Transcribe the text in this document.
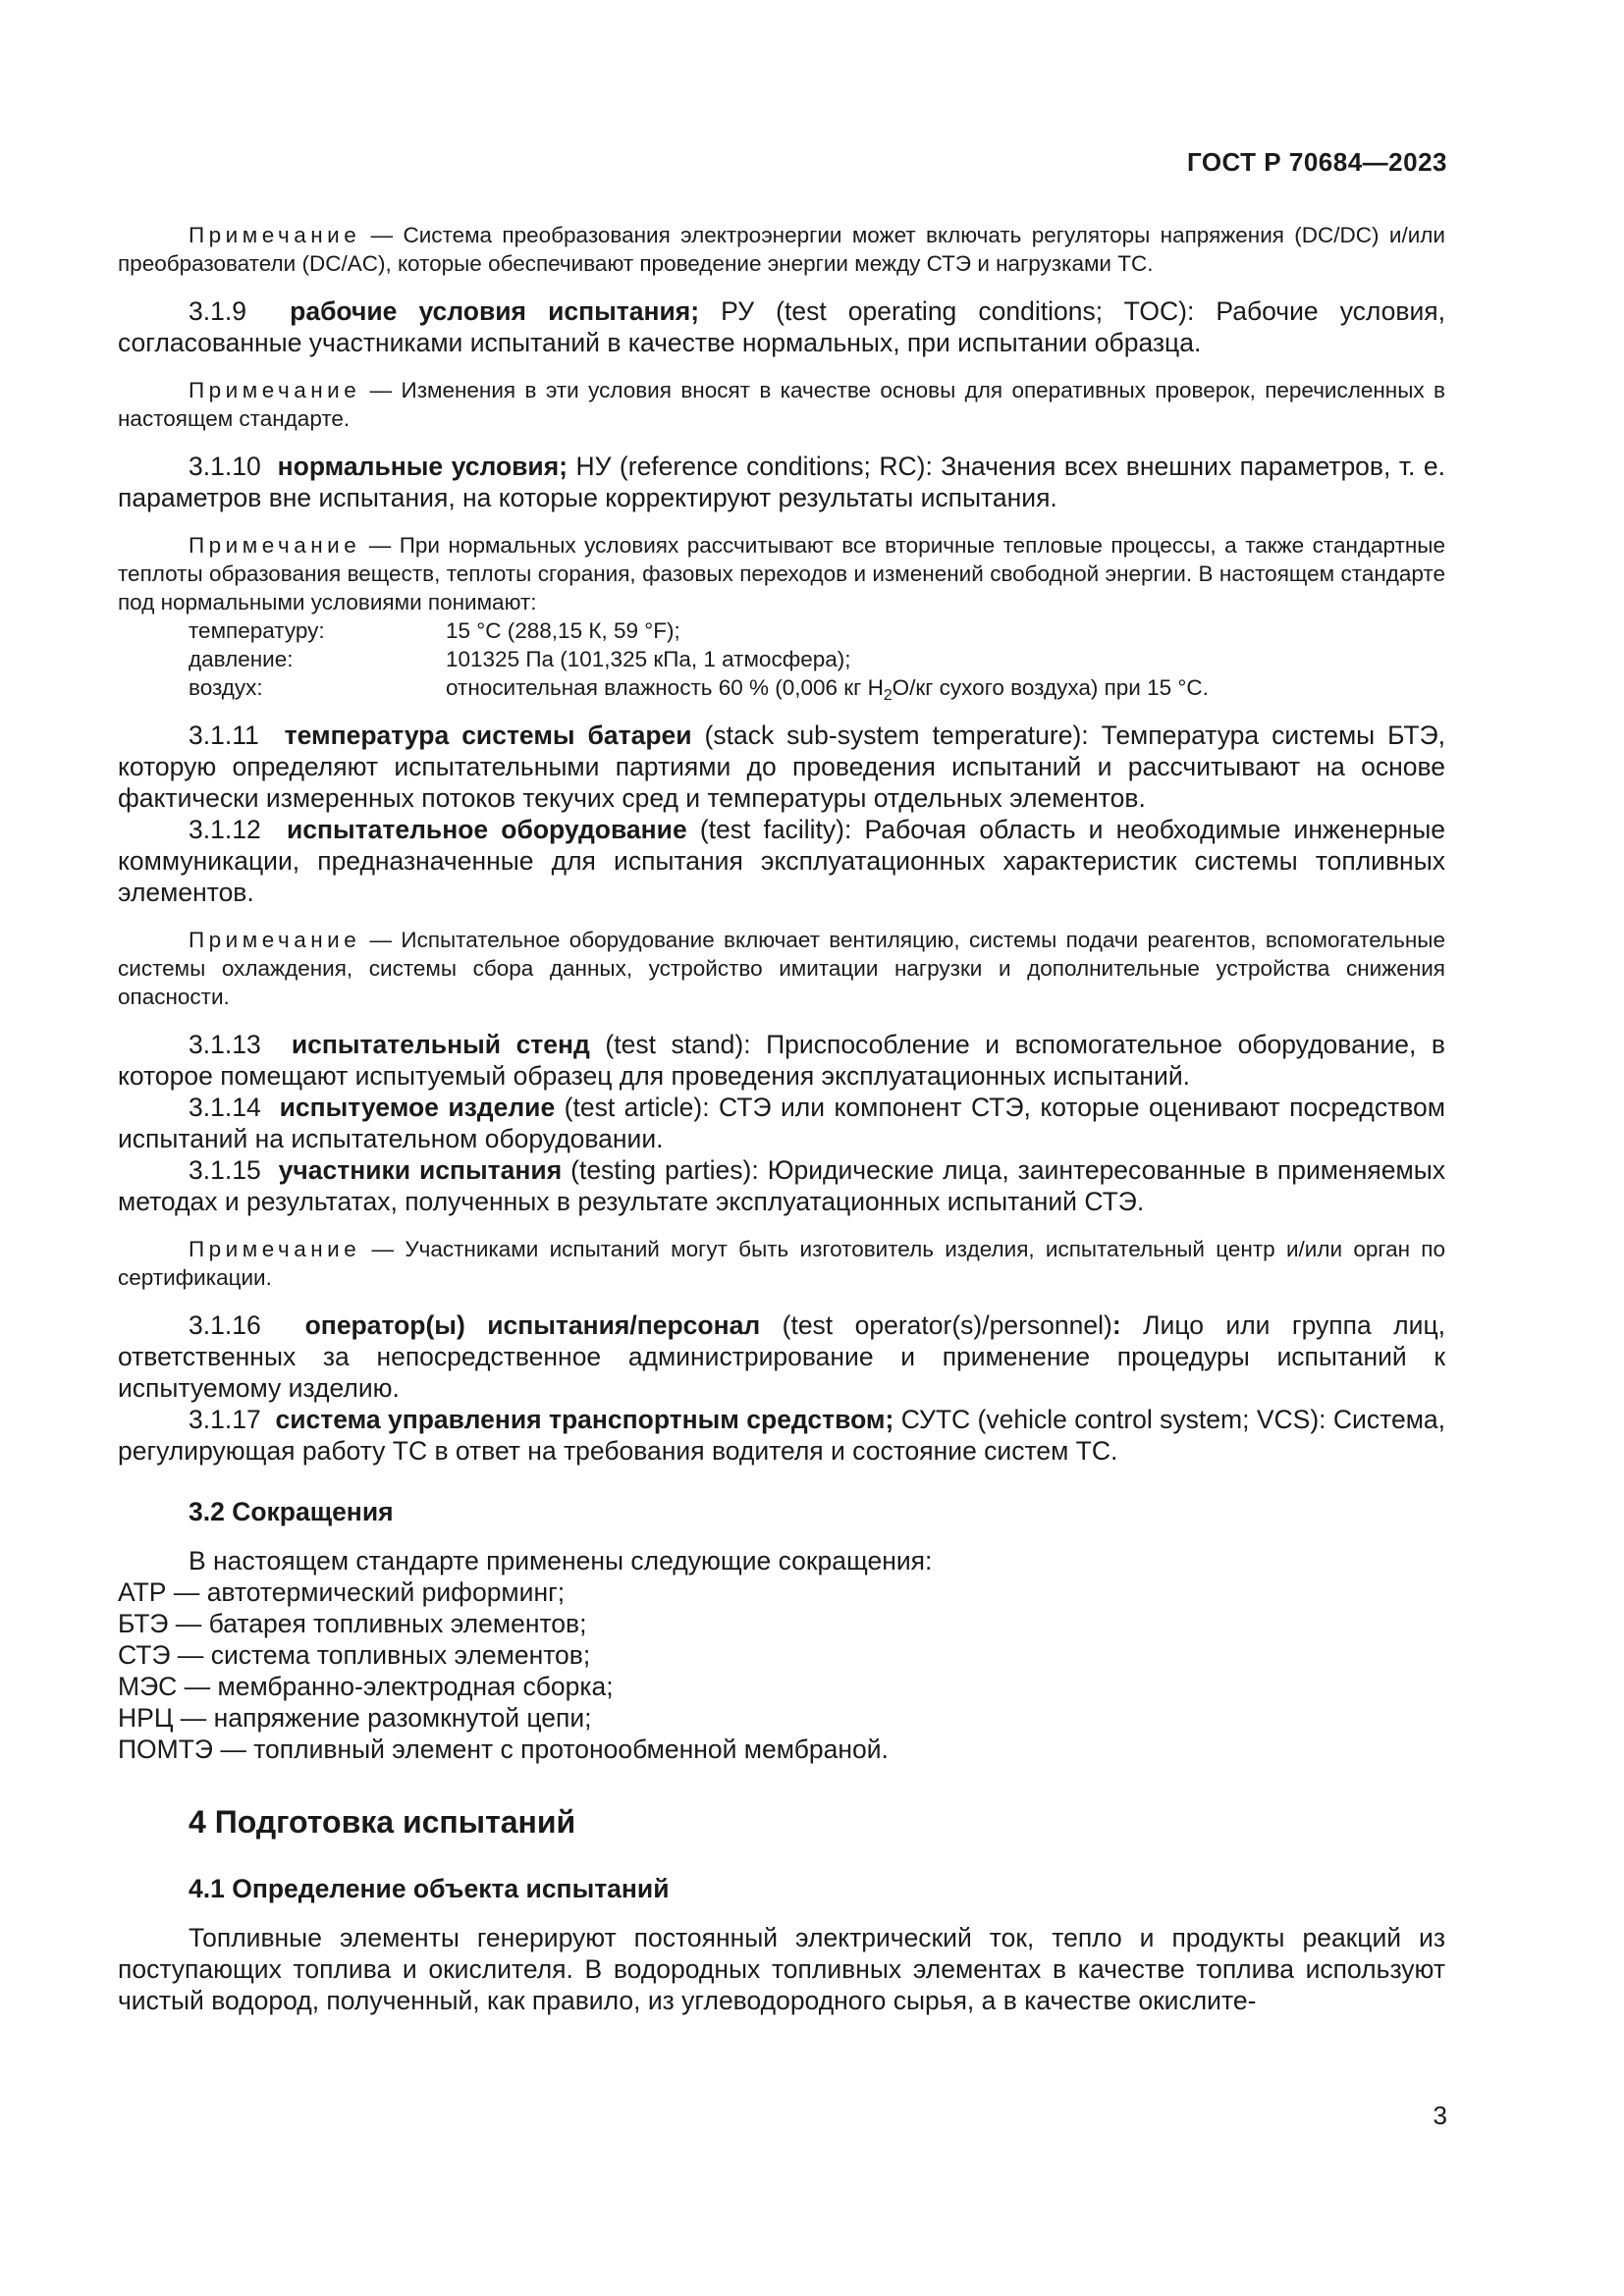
ГОСТ Р 70684—2023

Примечание — Система преобразования электроэнергии может включать регуляторы напряжения (DC/DC) и/или преобразователи (DC/AC), которые обеспечивают проведение энергии между СТЭ и нагрузками ТС.

3.1.9 рабочие условия испытания; РУ (test operating conditions; TOC): Рабочие условия, согласованные участниками испытаний в качестве нормальных, при испытании образца.

Примечание — Изменения в эти условия вносят в качестве основы для оперативных проверок, перечисленных в настоящем стандарте.

3.1.10 нормальные условия; НУ (reference conditions; RC): Значения всех внешних параметров, т. е. параметров вне испытания, на которые корректируют результаты испытания.

Примечание — При нормальных условиях рассчитывают все вторичные тепловые процессы, а также стандартные теплоты образования веществ, теплоты сгорания, фазовых переходов и изменений свободной энергии. В настоящем стандарте под нормальными условиями понимают:

температуру:	15 °C (288,15 К, 59 °F);
давление:	101325 Па (101,325 кПа, 1 атмосфера);
воздух:	относительная влажность 60 % (0,006 кг $H_2O/кг$ сухого воздуха) при 15 °C.

3.1.11 температура системы батареи (stack sub-system temperature): Температура системы БТЭ, которую определяют испытательными партиями до проведения испытаний и рассчитывают на основе фактически измеренных потоков текучих сред и температуры отдельных элементов.

3.1.12 испытательное оборудование (test facility): Рабочая область и необходимые инженерные коммуникации, предназначенные для испытания эксплуатационных характеристик системы топливных элементов.

Примечание — Испытательное оборудование включает вентиляцию, системы подачи реагентов, вспомогательные системы охлаждения, системы сбора данных, устройство имитации нагрузки и дополнительные устройства снижения опасности.

3.1.13 испытательный стенд (test stand): Приспособление и вспомогательное оборудование, в которое помещают испытуемый образец для проведения эксплуатационных испытаний.

3.1.14 испытуемое изделие (test article): СТЭ или компонент СТЭ, которые оценивают посредством испытаний на испытательном оборудовании.

3.1.15 участники испытания (testing parties): Юридические лица, заинтересованные в применяемых методах и результатах, полученных в результате эксплуатационных испытаний СТЭ.

Примечание — Участниками испытаний могут быть изготовитель изделия, испытательный центр и/или орган по сертификации.

3.1.16 оператор(ы) испытания/персонал (test operator(s)/personnel): Лицо или группа лиц, ответственных за непосредственное администрирование и применение процедуры испытаний к испытуемому изделию.

3.1.17 система управления транспортным средством; СУТС (vehicle control system; VCS): Система, регулирующая работу ТС в ответ на требования водителя и состояние систем ТС.

3.2 Сокращения
В настоящем стандарте применены следующие сокращения:
АТР — автотермический риформинг;
БТЭ — батарея топливных элементов;
СТЭ — система топливных элементов;
МЭС — мембранно-электродная сборка;
НРЦ — напряжение разомкнутой цепи;
ПОМТЭ — топливный элемент с протонообменной мембраной.
4 Подготовка испытаний
4.1 Определение объекта испытаний

Топливные элементы генерируют постоянный электрический ток, тепло и продукты реакций из поступающих топлива и окислителя. В водородных топливных элементах в качестве топлива используют чистый водород, полученный, как правило, из углеводородного сырья, а в качестве окислите-

3
